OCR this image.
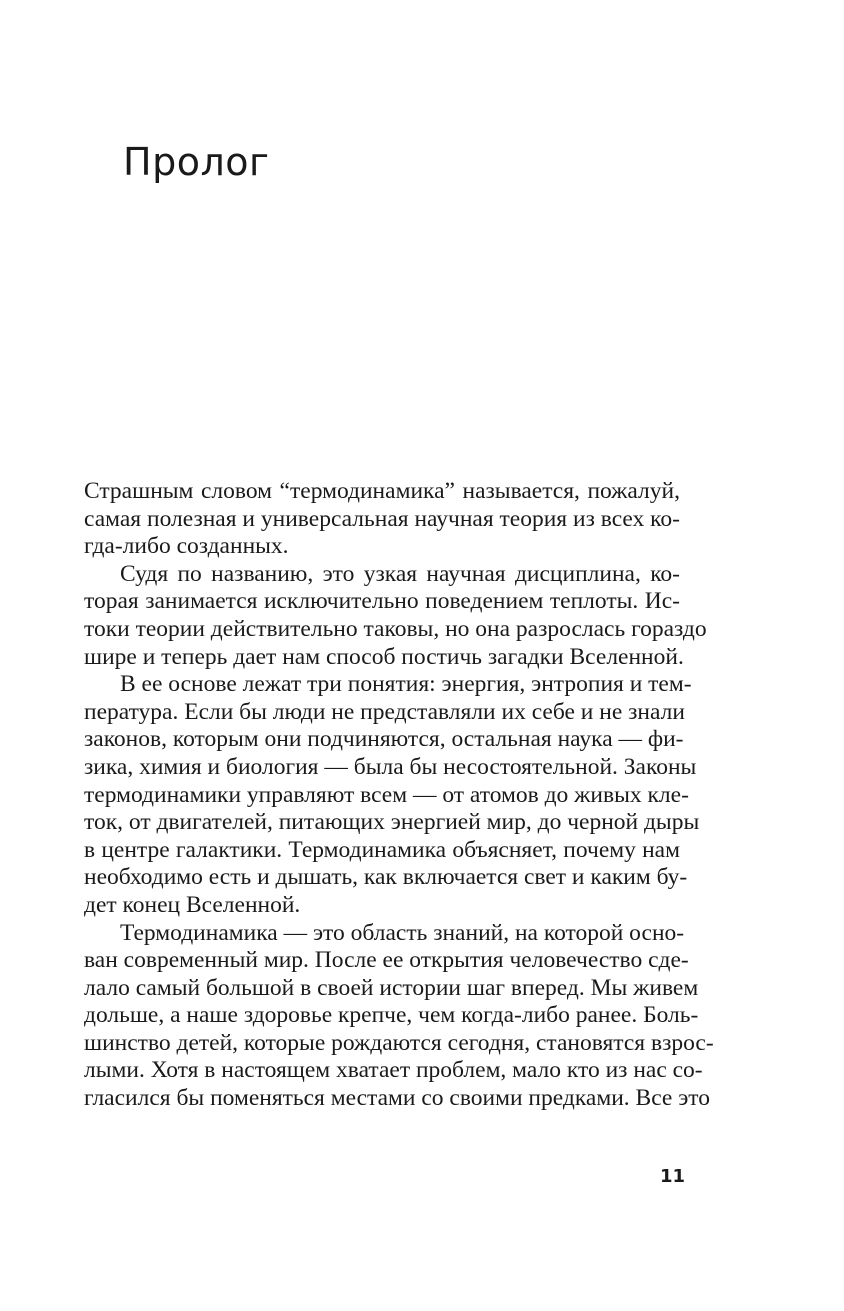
Пролог
Страшным словом “термодинамика” называется, пожалуй,
самая полезная и универсальная научная теория из всех ко-
гда-либо созданных.
Судя по названию, это узкая научная дисциплина, ко-
торая занимается исключительно поведением теплоты. Ис-
токи теории действительно таковы, но она разрослась гораздо
шире и теперь дает нам способ постичь загадки Вселенной.
В ее основе лежат три понятия: энергия, энтропия и тем-
пература. Если бы люди не представляли их себе и не знали
законов, которым они подчиняются, остальная наука — фи-
зика, химия и биология — была бы несостоятельной. Законы
термодинамики управляют всем — от атомов до живых кле-
ток, от двигателей, питающих энергией мир, до черной дыры
в центре галактики. Термодинамика объясняет, почему нам
необходимо есть и дышать, как включается свет и каким бу-
дет конец Вселенной.
Термодинамика — это область знаний, на которой осно-
ван современный мир. После ее открытия человечество сде-
лало самый большой в своей истории шаг вперед. Мы живем
дольше, а наше здоровье крепче, чем когда-либо ранее. Боль-
шинство детей, которые рождаются сегодня, становятся взрос-
лыми. Хотя в настоящем хватает проблем, мало кто из нас со-
гласился бы поменяться местами со своими предками. Все это
11
